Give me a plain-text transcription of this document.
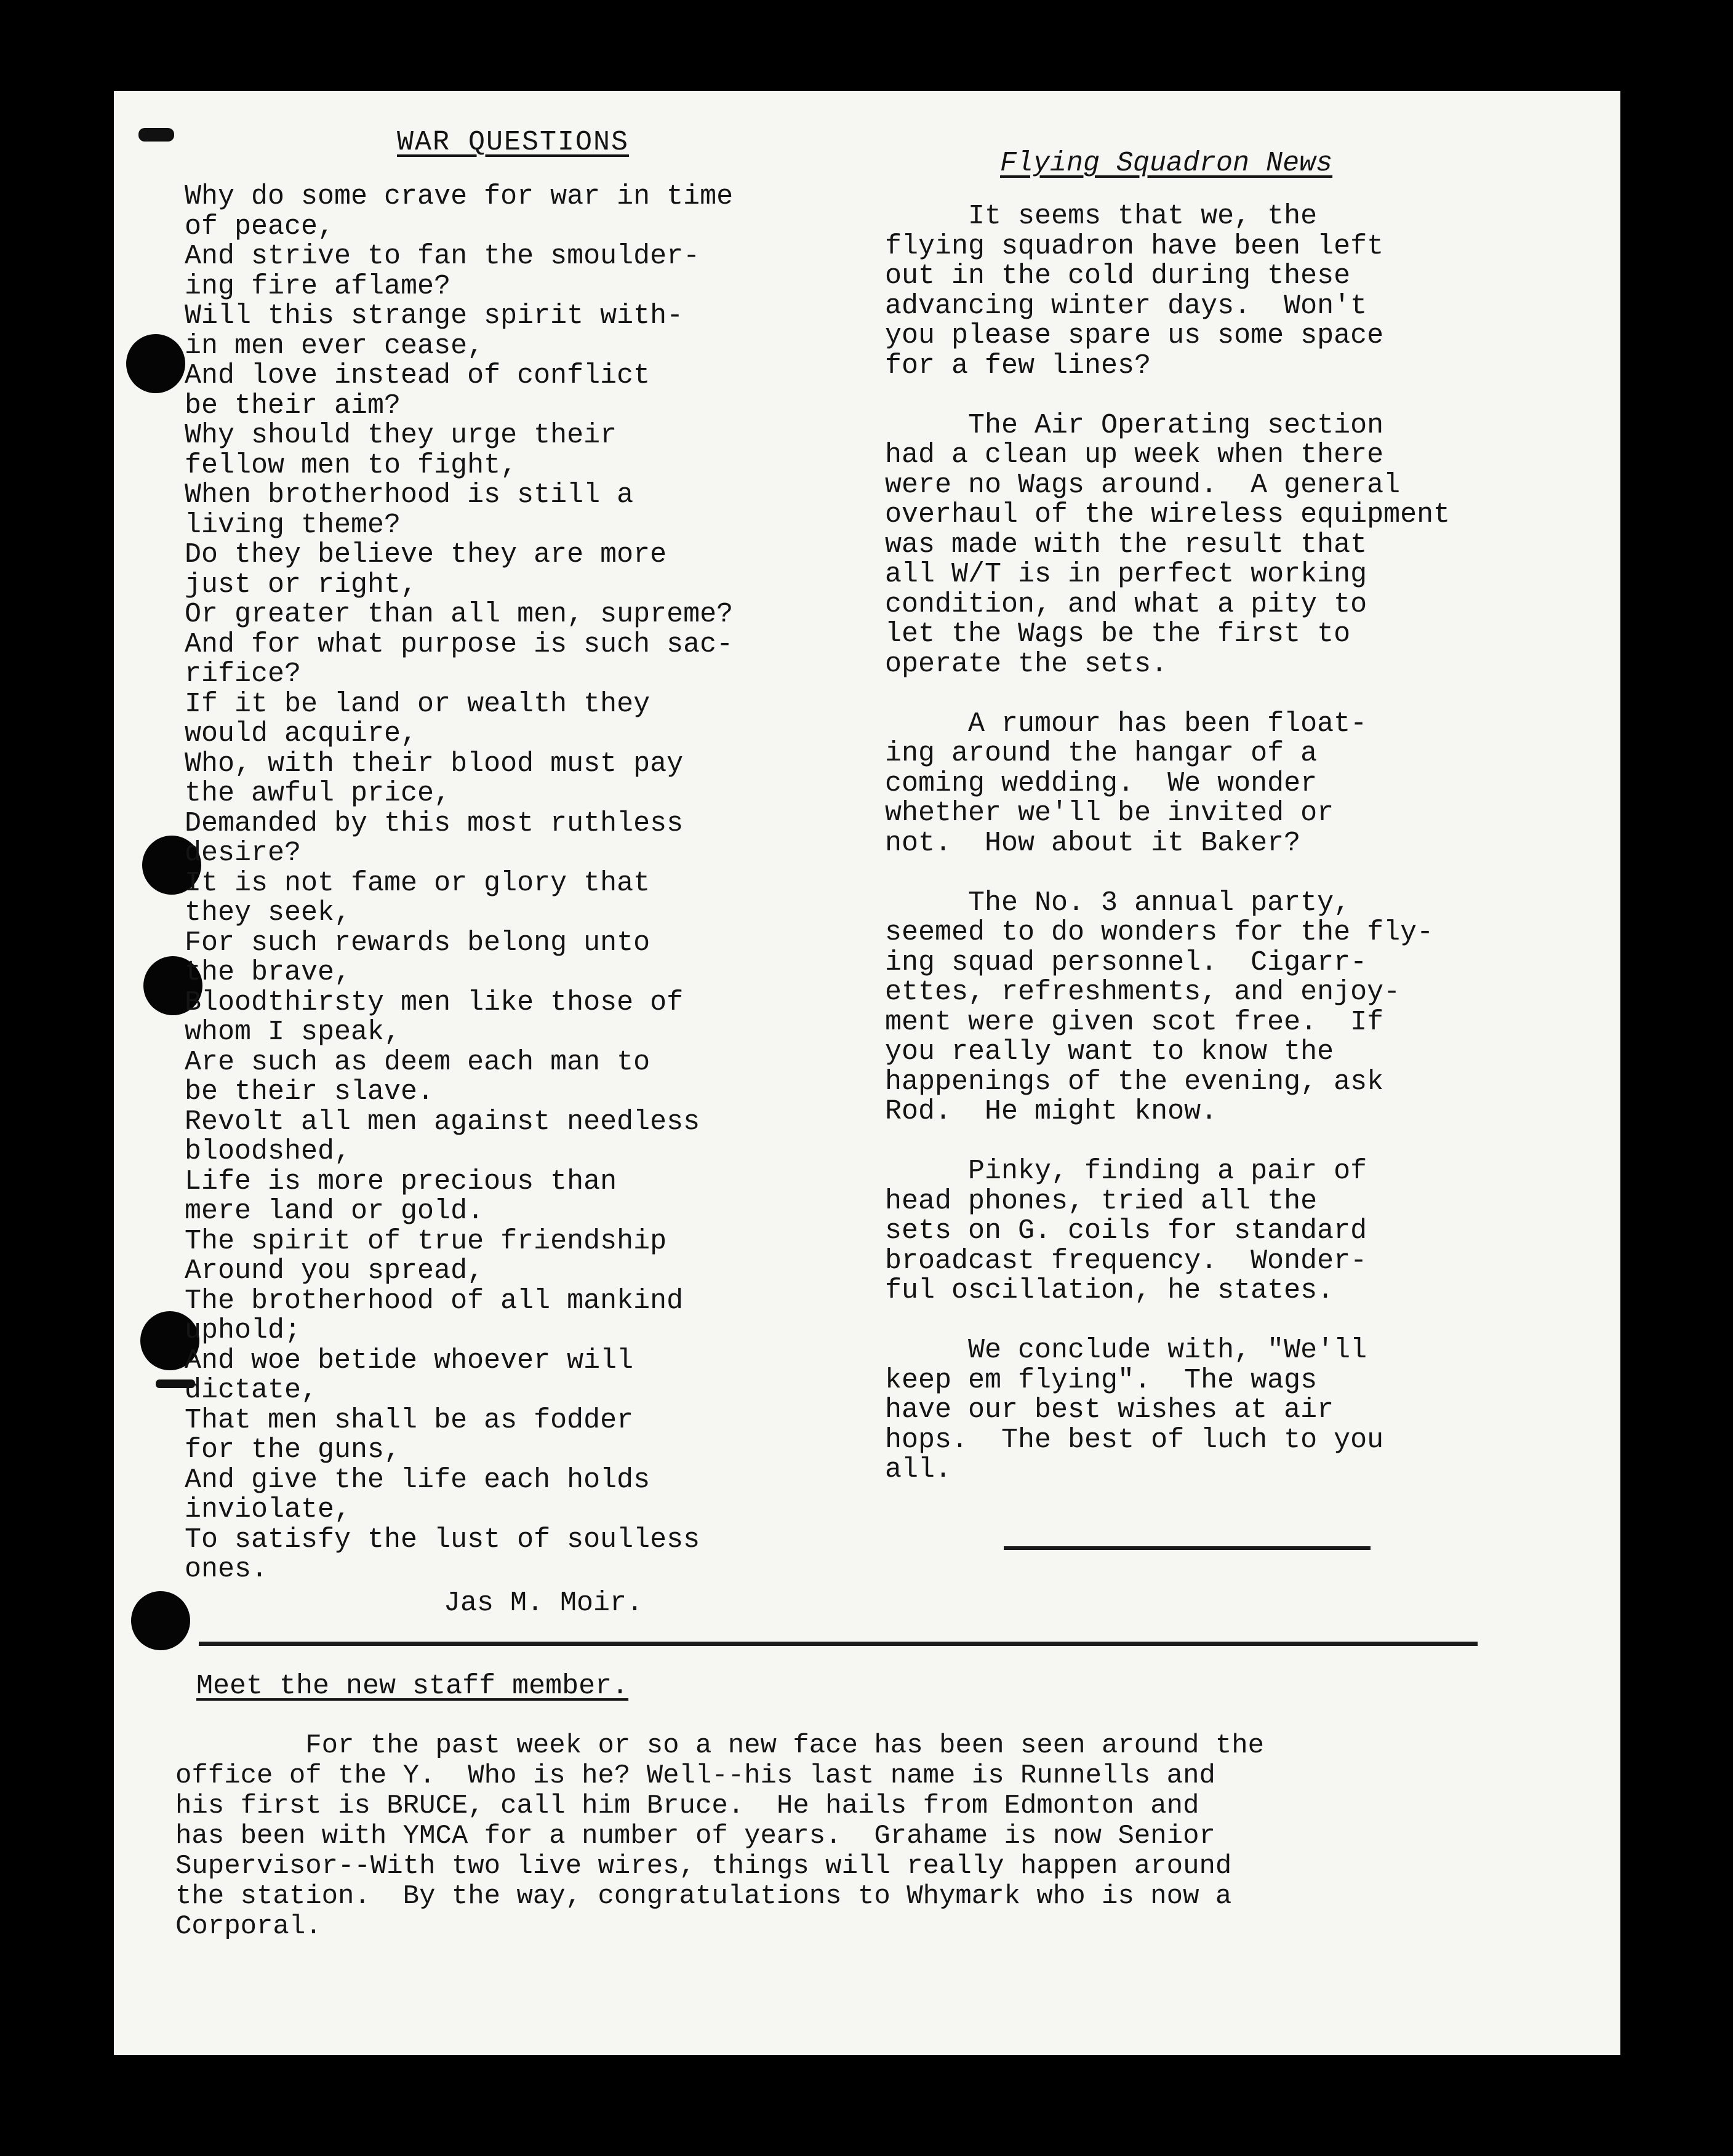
WAR QUESTIONS
Why do some crave for war in time
of peace,
And strive to fan the smoulder-
ing fire aflame?
Will this strange spirit with-
in men ever cease,
And love instead of conflict
be their aim?
Why should they urge their
fellow men to fight,
When brotherhood is still a
living theme?
Do they believe they are more
just or right,
Or greater than all men, supreme?
And for what purpose is such sac-
rifice?
If it be land or wealth they
would acquire,
Who, with their blood must pay
the awful price,
Demanded by this most ruthless
desire?
It is not fame or glory that
they seek,
For such rewards belong unto
the brave,
Bloodthirsty men like those of
whom I speak,
Are such as deem each man to
be their slave.
Revolt all men against needless
bloodshed,
Life is more precious than
mere land or gold.
The spirit of true friendship
Around you spread,
The brotherhood of all mankind
uphold;
And woe betide whoever will
dictate,
That men shall be as fodder
for the guns,
And give the life each holds
inviolate,
To satisfy the lust of soulless
ones.
Jas M. Moir.
Flying Squadron News
It seems that we, the
flying squadron have been left
out in the cold during these
advancing winter days.  Won't
you please spare us some space
for a few lines?

The Air Operating section
had a clean up week when there
were no Wags around.  A general
overhaul of the wireless equipment
was made with the result that
all W/T is in perfect working
condition, and what a pity to
let the Wags be the first to
operate the sets.

A rumour has been float-
ing around the hangar of a
coming wedding.  We wonder
whether we'll be invited or
not.  How about it Baker?

The No. 3 annual party,
seemed to do wonders for the fly-
ing squad personnel.  Cigarr-
ettes, refreshments, and enjoy-
ment were given scot free.  If
you really want to know the
happenings of the evening, ask
Rod.  He might know.

Pinky, finding a pair of
head phones, tried all the
sets on G. coils for standard
broadcast frequency.  Wonder-
ful oscillation, he states.

We conclude with, "We'll
keep em flying".  The wags
have our best wishes at air
hops.  The best of luch to you
all.
Meet the new staff member.
For the past week or so a new face has been seen around the
office of the Y.  Who is he? Well--his last name is Runnells and
his first is BRUCE, call him Bruce.  He hails from Edmonton and
has been with YMCA for a number of years.  Grahame is now Senior
Supervisor--With two live wires, things will really happen around
the station.  By the way, congratulations to Whymark who is now a
Corporal.
